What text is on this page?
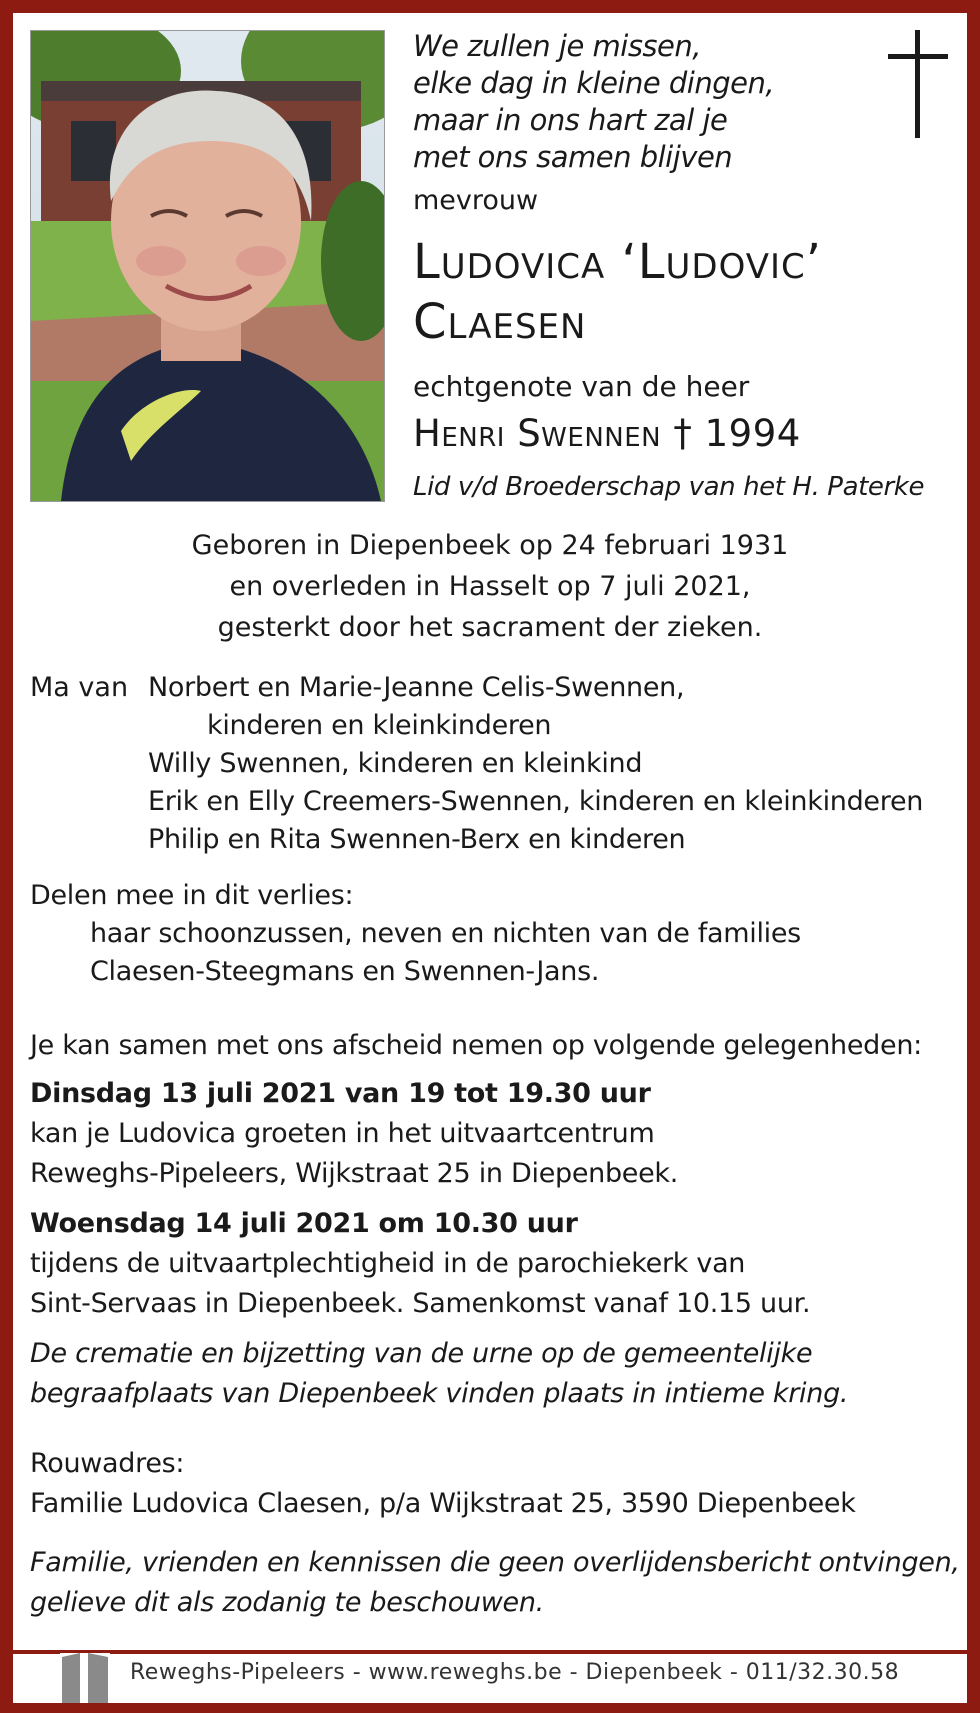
We zullen je missen,
elke dag in kleine dingen,
maar in ons hart zal je
met ons samen blijven
mevrouw
Ludovica ‘Ludovic’
Claesen
echtgenote van de heer
Henri Swennen † 1994
Lid v/d Broederschap van het H. Paterke
Geboren in Diepenbeek op 24 februari 1931
en overleden in Hasselt op 7 juli 2021,
gesterkt door het sacrament der zieken.
Ma van Norbert en Marie-Jeanne Celis-Swennen,
kinderen en kleinkinderen
Willy Swennen, kinderen en kleinkind
Erik en Elly Creemers-Swennen, kinderen en kleinkinderen
Philip en Rita Swennen-Berx en kinderen
Delen mee in dit verlies:
haar schoonzussen, neven en nichten van de families
Claesen-Steegmans en Swennen-Jans.
Je kan samen met ons afscheid nemen op volgende gelegenheden:
Dinsdag 13 juli 2021 van 19 tot 19.30 uur
kan je Ludovica groeten in het uitvaartcentrum
Reweghs-Pipeleers, Wijkstraat 25 in Diepenbeek.
Woensdag 14 juli 2021 om 10.30 uur
tijdens de uitvaartplechtigheid in de parochiekerk van
Sint-Servaas in Diepenbeek. Samenkomst vanaf 10.15 uur.
De crematie en bijzetting van de urne op de gemeentelijke
begraafplaats van Diepenbeek vinden plaats in intieme kring.
Rouwadres:
Familie Ludovica Claesen, p/a Wijkstraat 25, 3590 Diepenbeek
Familie, vrienden en kennissen die geen overlijdensbericht ontvingen,
gelieve dit als zodanig te beschouwen.
Reweghs-Pipeleers - www.reweghs.be - Diepenbeek - 011/32.30.58
